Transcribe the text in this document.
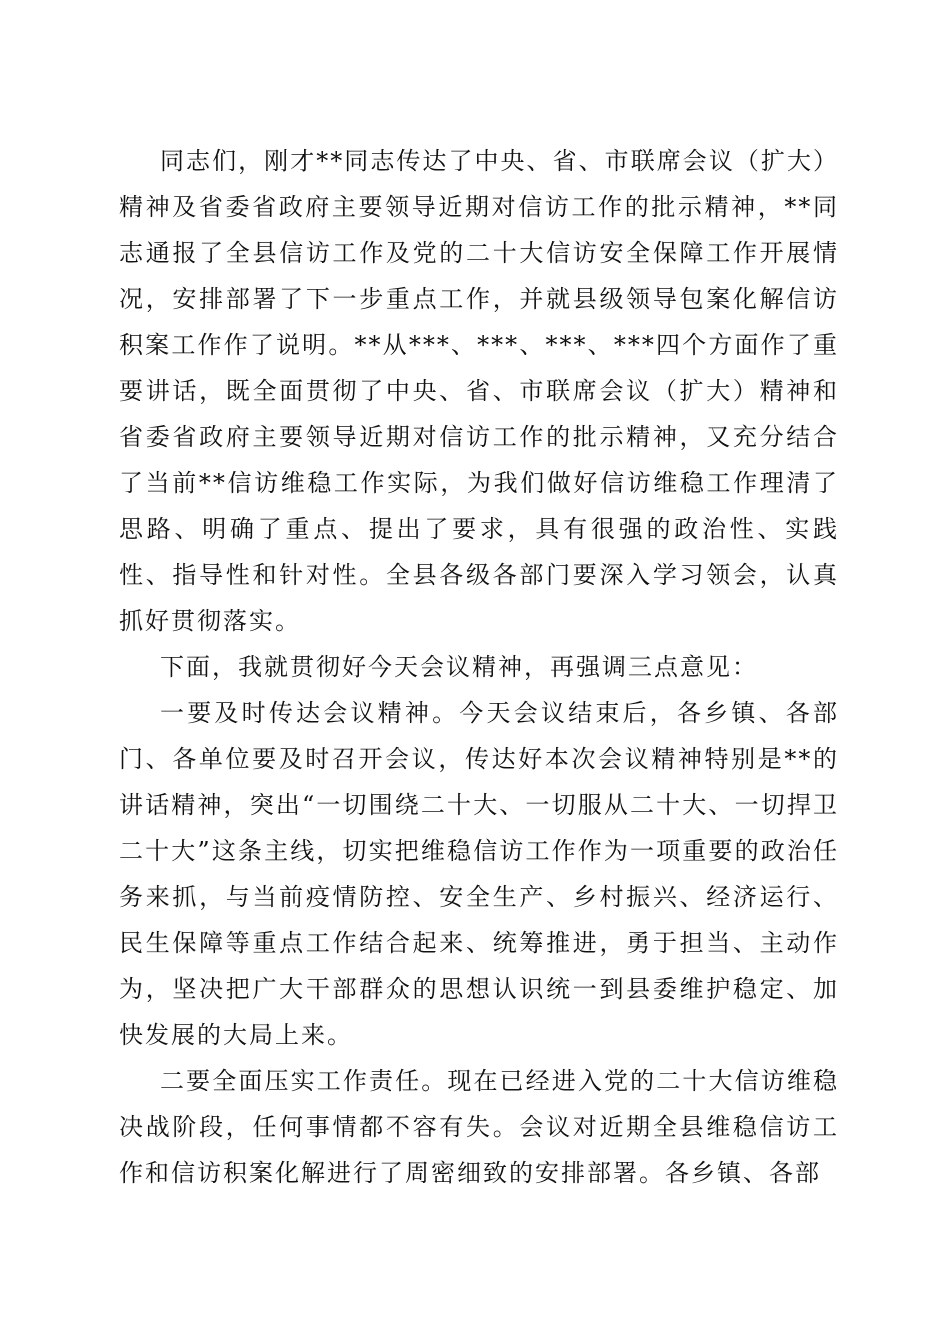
同志们，刚才**同志传达了中央、省、市联席会议（扩大）精神及省委省政府主要领导近期对信访工作的批示精神，**同志通报了全县信访工作及党的二十大信访安全保障工作开展情况，安排部署了下一步重点工作，并就县级领导包案化解信访积案工作作了说明。**从***、***、***、***四个方面作了重要讲话，既全面贯彻了中央、省、市联席会议（扩大）精神和省委省政府主要领导近期对信访工作的批示精神，又充分结合了当前**信访维稳工作实际，为我们做好信访维稳工作理清了思路、明确了重点、提出了要求，具有很强的政治性、实践性、指导性和针对性。全县各级各部门要深入学习领会，认真抓好贯彻落实。

下面，我就贯彻好今天会议精神，再强调三点意见：

一要及时传达会议精神。今天会议结束后，各乡镇、各部门、各单位要及时召开会议，传达好本次会议精神特别是**的讲话精神，突出“一切围绕二十大、一切服从二十大、一切捍卫二十大”这条主线，切实把维稳信访工作作为一项重要的政治任务来抓，与当前疫情防控、安全生产、乡村振兴、经济运行、民生保障等重点工作结合起来、统筹推进，勇于担当、主动作为，坚决把广大干部群众的思想认识统一到县委维护稳定、加快发展的大局上来。

二要全面压实工作责任。现在已经进入党的二十大信访维稳决战阶段，任何事情都不容有失。会议对近期全县维稳信访工作和信访积案化解进行了周密细致的安排部署。各乡镇、各部
